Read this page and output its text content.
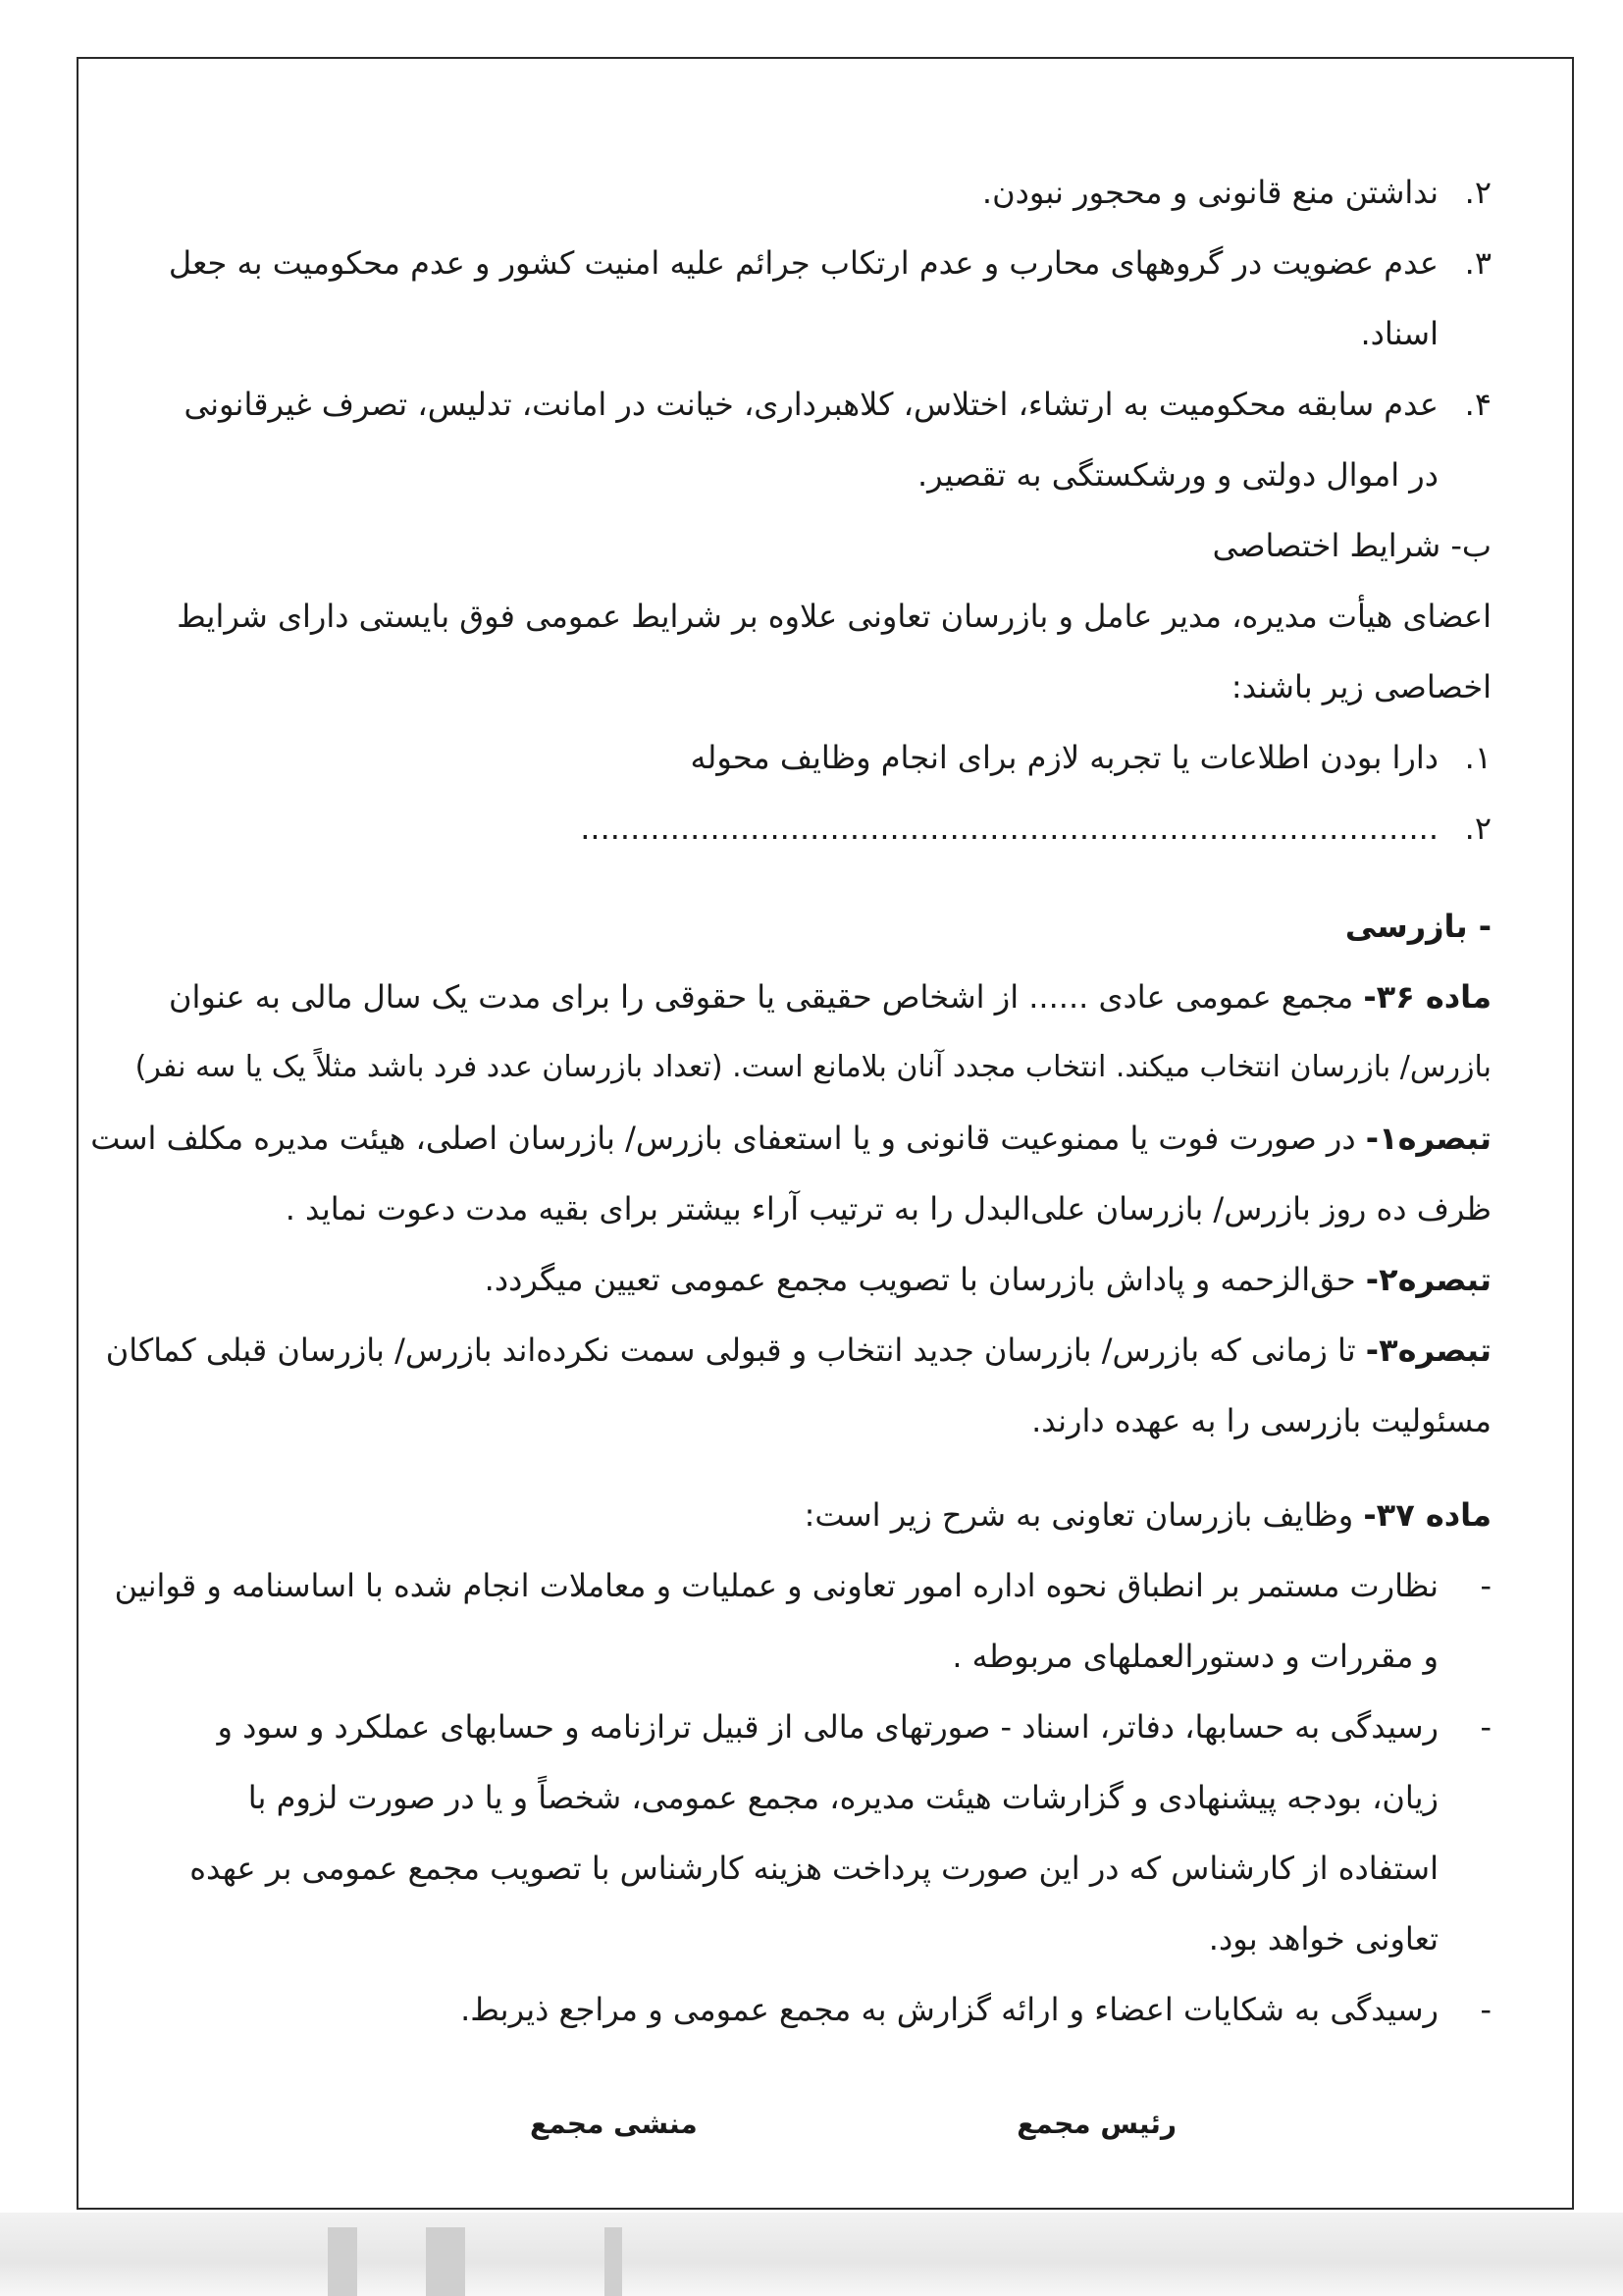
۲.
نداشتن منع قانونی و محجور نبودن.
۳.
عدم عضویت در گروههای محارب و عدم ارتکاب جرائم علیه امنیت کشور و عدم محکومیت به جعل
اسناد.
۴.
عدم سابقه محکومیت به ارتشاء، اختلاس، کلاهبرداری، خیانت در امانت، تدلیس، تصرف غیرقانونی
در اموال دولتی و ورشکستگی به تقصیر.
ب- شرایط اختصاصی
اعضای هیأت مدیره، مدیر عامل و بازرسان تعاونی علاوه بر شرایط عمومی فوق بایستی دارای شرایط
اخصاصی زیر باشند:
۱.
دارا بودن اطلاعات یا تجربه لازم برای انجام وظایف محوله
۲.
......................................................................................
- بازرسی
ماده ۳۶- مجمع عمومی عادی ...... از اشخاص حقیقی یا حقوقی را برای مدت یک سال مالی به عنوان
بازرس/ بازرسان انتخاب میکند. انتخاب مجدد آنان بلامانع است. (تعداد بازرسان عدد فرد باشد مثلاً یک یا سه نفر)
تبصره۱- در صورت فوت یا ممنوعیت قانونی و یا استعفای بازرس/ بازرسان اصلی، هیئت مدیره مکلف است
ظرف ده روز بازرس/ بازرسان علی‌البدل را به ترتیب آراء بیشتر برای بقیه مدت دعوت نماید .
تبصره۲- حق‌الزحمه و پاداش بازرسان با تصویب مجمع عمومی تعیین میگردد.
تبصره۳- تا زمانی که بازرس/ بازرسان جدید انتخاب و قبولی سمت نکرده‌اند بازرس/ بازرسان قبلی کماکان
مسئولیت بازرسی را به عهده دارند.
ماده ۳۷- وظایف بازرسان تعاونی به شرح زیر است:
-
نظارت مستمر بر انطباق نحوه اداره امور تعاونی و عملیات و معاملات انجام شده با اساسنامه و قوانین
و مقررات و دستورالعملهای مربوطه .
-
رسیدگی به حسابها، دفاتر، اسناد - صورتهای مالی از قبیل ترازنامه و حسابهای عملکرد و سود و
زیان، بودجه پیشنهادی و گزارشات هیئت مدیره، مجمع عمومی، شخصاً و یا در صورت لزوم با
استفاده از کارشناس که در این صورت پرداخت هزینه کارشناس با تصویب مجمع عمومی بر عهده
تعاونی خواهد بود.
-
رسیدگی به شکایات اعضاء و ارائه گزارش به مجمع عمومی و مراجع ذیربط.
رئیس مجمع
منشی مجمع
